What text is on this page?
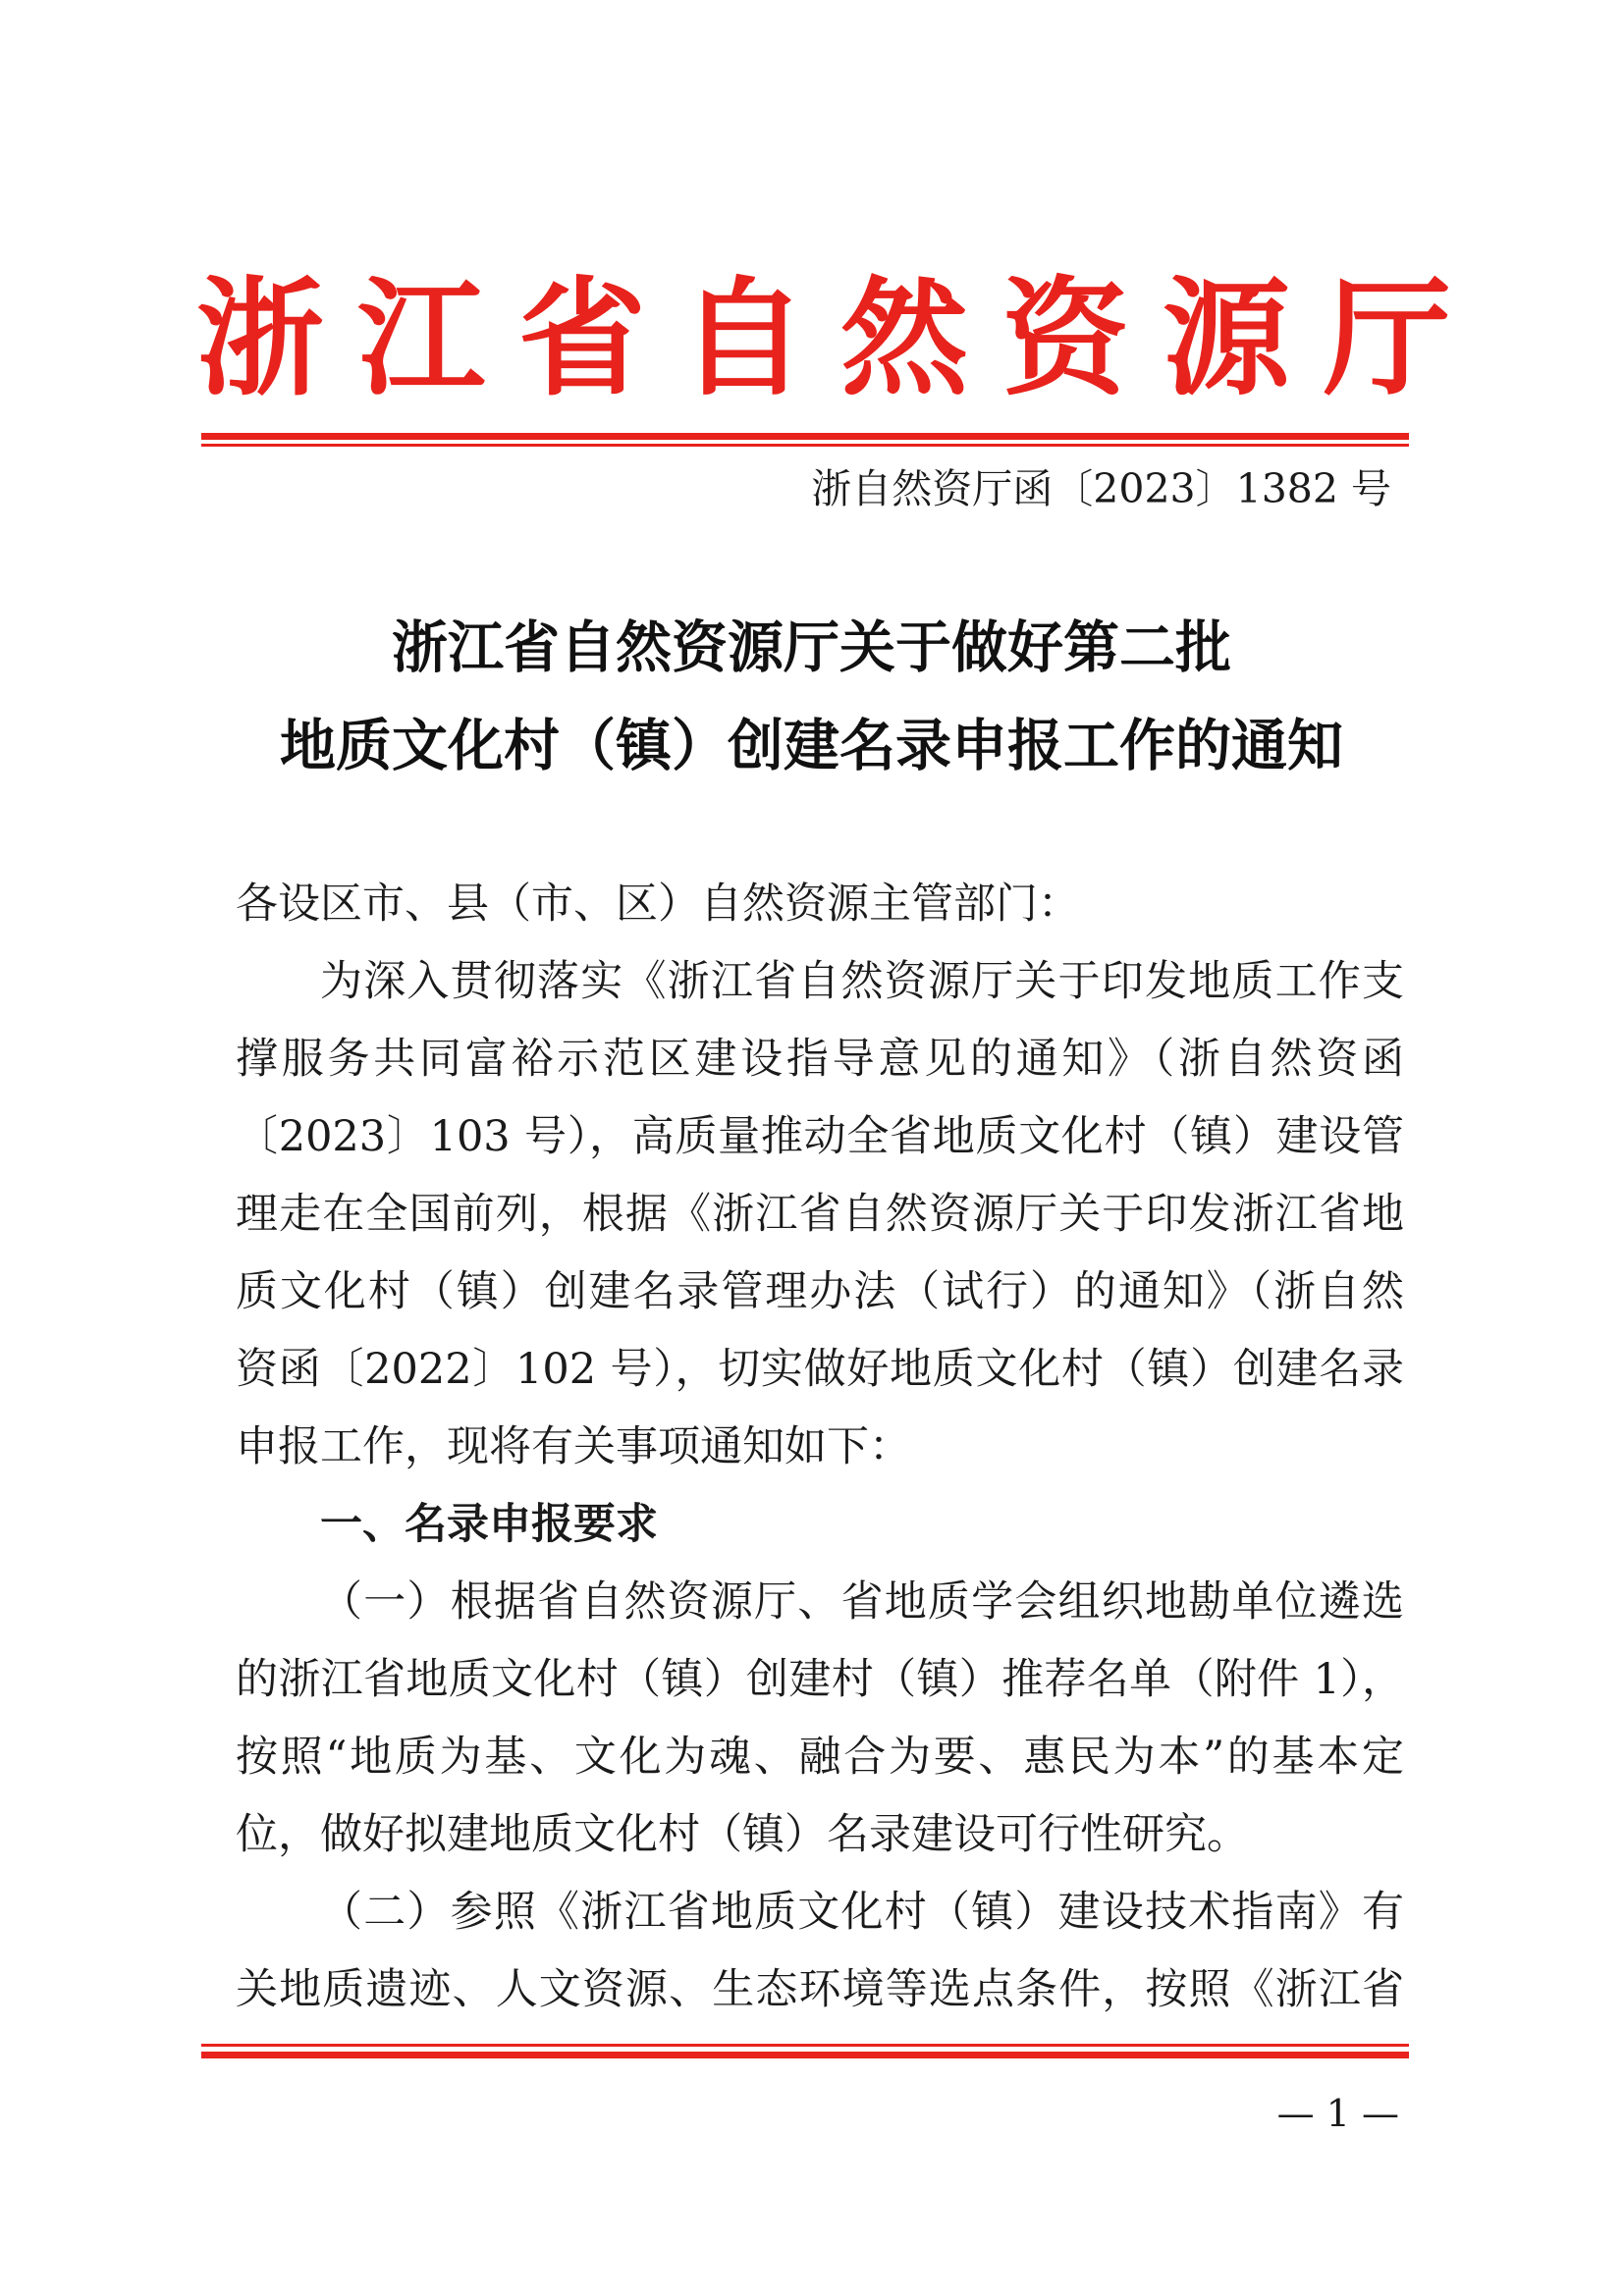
浙江省自然资源厅
浙自然资厅函〔2023〕1382 号
浙江省自然资源厅关于做好第二批
地质文化村（镇）创建名录申报工作的通知
各设区市、县（市、区）自然资源主管部门：
为深入贯彻落实《浙江省自然资源厅关于印发地质工作支
撑服务共同富裕示范区建设指导意见的通知》（浙自然资函
〔2023〕103 号），高质量推动全省地质文化村（镇）建设管
理走在全国前列，根据《浙江省自然资源厅关于印发浙江省地
质文化村（镇）创建名录管理办法（试行）的通知》（浙自然
资函〔2022〕102 号），切实做好地质文化村（镇）创建名录
申报工作，现将有关事项通知如下：
一、名录申报要求
（一）根据省自然资源厅、省地质学会组织地勘单位遴选
的浙江省地质文化村（镇）创建村（镇）推荐名单（附件 1），
按照“地质为基、文化为魂、融合为要、惠民为本”的基本定
位，做好拟建地质文化村（镇）名录建设可行性研究。
（二）参照《浙江省地质文化村（镇）建设技术指南》有
关地质遗迹、人文资源、生态环境等选点条件，按照《浙江省
— 1 —
